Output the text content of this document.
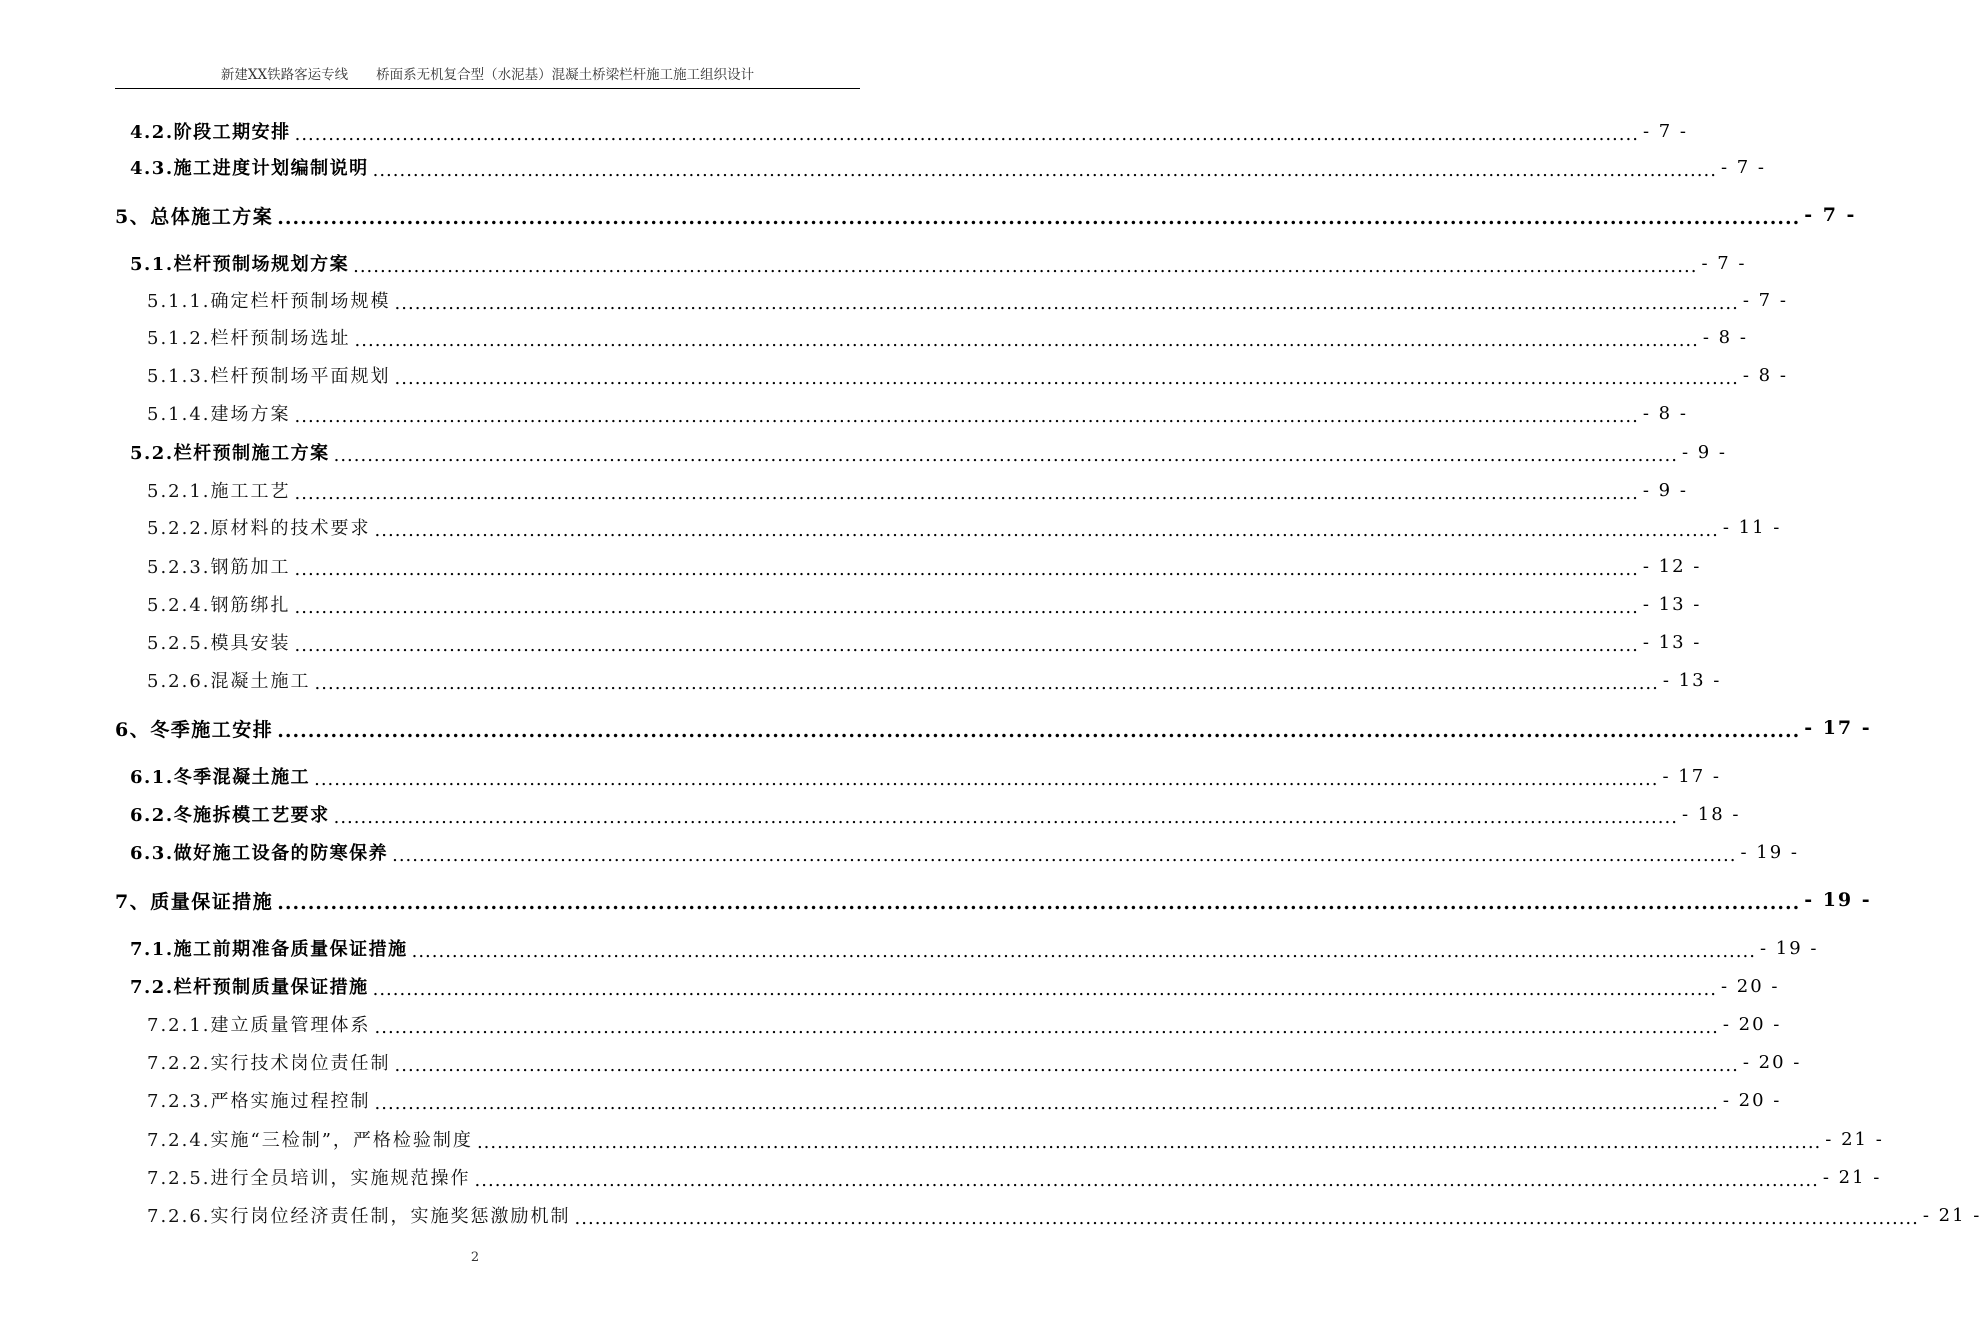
新建XX铁路客运专线 桥面系无机复合型（水泥基）混凝土桥梁栏杆施工施工组织设计
4.2.阶段工期安排 ........................................................................................................................................................................................................ - 7 -
4.3.施工进度计划编制说明 ........................................................................................................................................................................................................ - 7 -
5、总体施工方案 ........................................................................................................................................................................................................ - 7 -
5.1.栏杆预制场规划方案 ........................................................................................................................................................................................................ - 7 -
5.1.1.确定栏杆预制场规模 ........................................................................................................................................................................................................ - 7 -
5.1.2.栏杆预制场选址 ........................................................................................................................................................................................................ - 8 -
5.1.3.栏杆预制场平面规划 ........................................................................................................................................................................................................ - 8 -
5.1.4.建场方案 ........................................................................................................................................................................................................ - 8 -
5.2.栏杆预制施工方案 ........................................................................................................................................................................................................ - 9 -
5.2.1.施工工艺 ........................................................................................................................................................................................................ - 9 -
5.2.2.原材料的技术要求 ........................................................................................................................................................................................................ - 11 -
5.2.3.钢筋加工 ........................................................................................................................................................................................................ - 12 -
5.2.4.钢筋绑扎 ........................................................................................................................................................................................................ - 13 -
5.2.5.模具安装 ........................................................................................................................................................................................................ - 13 -
5.2.6.混凝土施工 ........................................................................................................................................................................................................ - 13 -
6、冬季施工安排 ........................................................................................................................................................................................................ - 17 -
6.1.冬季混凝土施工 ........................................................................................................................................................................................................ - 17 -
6.2.冬施拆模工艺要求 ........................................................................................................................................................................................................ - 18 -
6.3.做好施工设备的防寒保养 ........................................................................................................................................................................................................ - 19 -
7、质量保证措施 ........................................................................................................................................................................................................ - 19 -
7.1.施工前期准备质量保证措施 ........................................................................................................................................................................................................ - 19 -
7.2.栏杆预制质量保证措施 ........................................................................................................................................................................................................ - 20 -
7.2.1.建立质量管理体系 ........................................................................................................................................................................................................ - 20 -
7.2.2.实行技术岗位责任制 ........................................................................................................................................................................................................ - 20 -
7.2.3.严格实施过程控制 ........................................................................................................................................................................................................ - 20 -
7.2.4.实施“三检制”，严格检验制度 ........................................................................................................................................................................................................ - 21 -
7.2.5.进行全员培训，实施规范操作 ........................................................................................................................................................................................................ - 21 -
7.2.6.实行岗位经济责任制，实施奖惩激励机制 ........................................................................................................................................................................................................ - 21 -
2
